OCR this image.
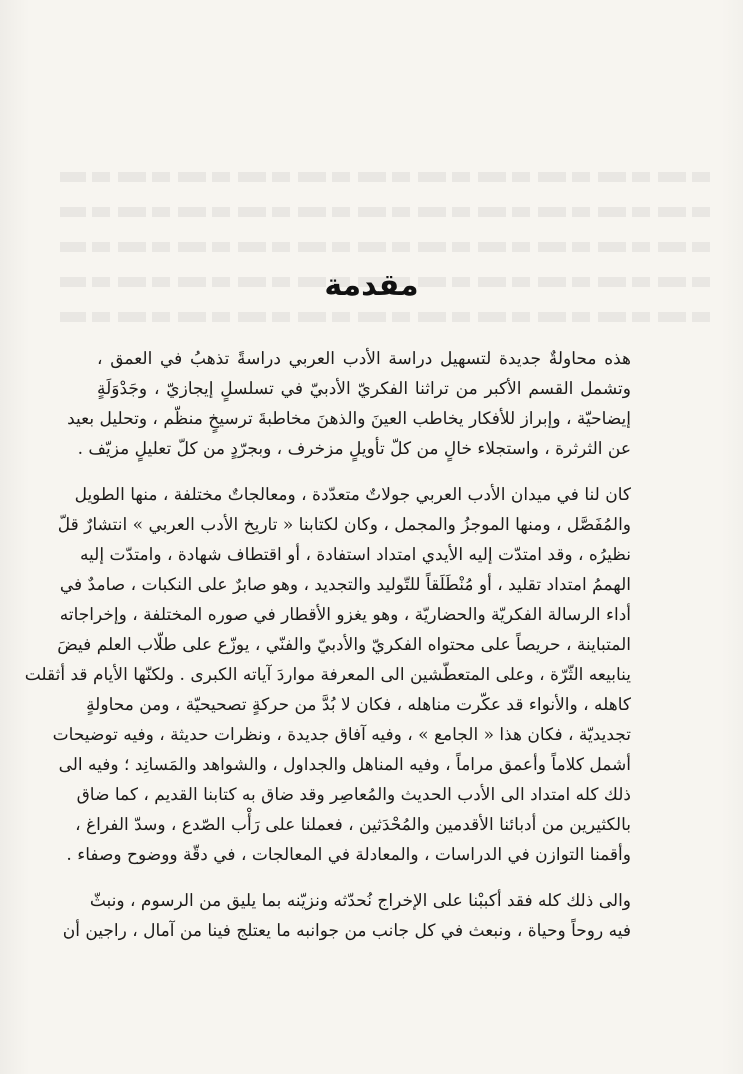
مقدمة

هذه محاولةٌ جديدة لتسهيل دراسة الأدب العربي دراسةً تذهبُ في العمق ،
وتشمل القسم الأكبر من تراثنا الفكريّ الأدبيّ في تسلسلٍ إيجازيّ ، وجَدْوَلَةٍ
إيضاحيّة ، وإبراز للأفكار يخاطب العينَ والذهنَ مخاطبةَ ترسيخٍ منظّم ، وتحليل بعيد
عن الثرثرة ، واستجلاء خالٍ من كلّ تأويلٍ مزخرف ، وبجرّدٍ من كلّ تعليلٍ مزيّف .

كان لنا في ميدان الأدب العربي جولاتٌ متعدّدة ، ومعالجاتٌ مختلفة ، منها الطويل
والمُفَصَّل ، ومنها الموجزُ والمجمل ، وكان لكتابنا « تاريخ الأدب العربي » انتشارٌ قلّ
نظيرُه ، وقد امتدّت إليه الأيدي امتداد استفادة ، أو اقتطاف شهادة ، وامتدّت إليه
الهممُ امتداد تقليد ، أو مُنْطَلَقاً للتّوليد والتجديد ، وهو صابرٌ على النكبات ، صامدٌ في
أداء الرسالة الفكريّة والحضاريّة ، وهو يغزو الأقطار في صوره المختلفة ، وإخراجاته
المتباينة ، حريصاً على محتواه الفكريّ والأدبيّ والفنّي ، يوزّع على طلّاب العلم فيضَ
ينابيعه الثّرّة ، وعلى المتعطّشين الى المعرفة مواردَ آياته الكبرى . ولكنّها الأيام قد أثقلت
كاهله ، والأنواء قد عكّرت مناهله ، فكان لا بُدَّ من حركةٍ تصحيحيّة ، ومن محاولةٍ
تجديديّة ، فكان هذا « الجامع » ، وفيه آفاق جديدة ، ونظرات حديثة ، وفيه توضيحات
أشمل كلاماً وأعمق مراماً ، وفيه المناهل والجداول ، والشواهد والمَسانِد ؛ وفيه الى
ذلك كله امتداد الى الأدب الحديث والمُعاصِر وقد ضاق به كتابنا القديم ، كما ضاق
بالكثيرين من أدبائنا الأقدمين والمُحْدَثين ، فعملنا على رَأْب الصّدع ، وسدّ الفراغ ،
وأقمنا التوازن في الدراسات ، والمعادلة في المعالجات ، في دقّة ووضوح وصفاء .

والى ذلك كله فقد أكببْنا على الإخراج نُحدّثه ونزيّنه بما يليق من الرسوم ، ونبثّ
فيه روحاً وحياة ، ونبعث في كل جانب من جوانبه ما يعتلج فينا من آمال ، راجين أن
